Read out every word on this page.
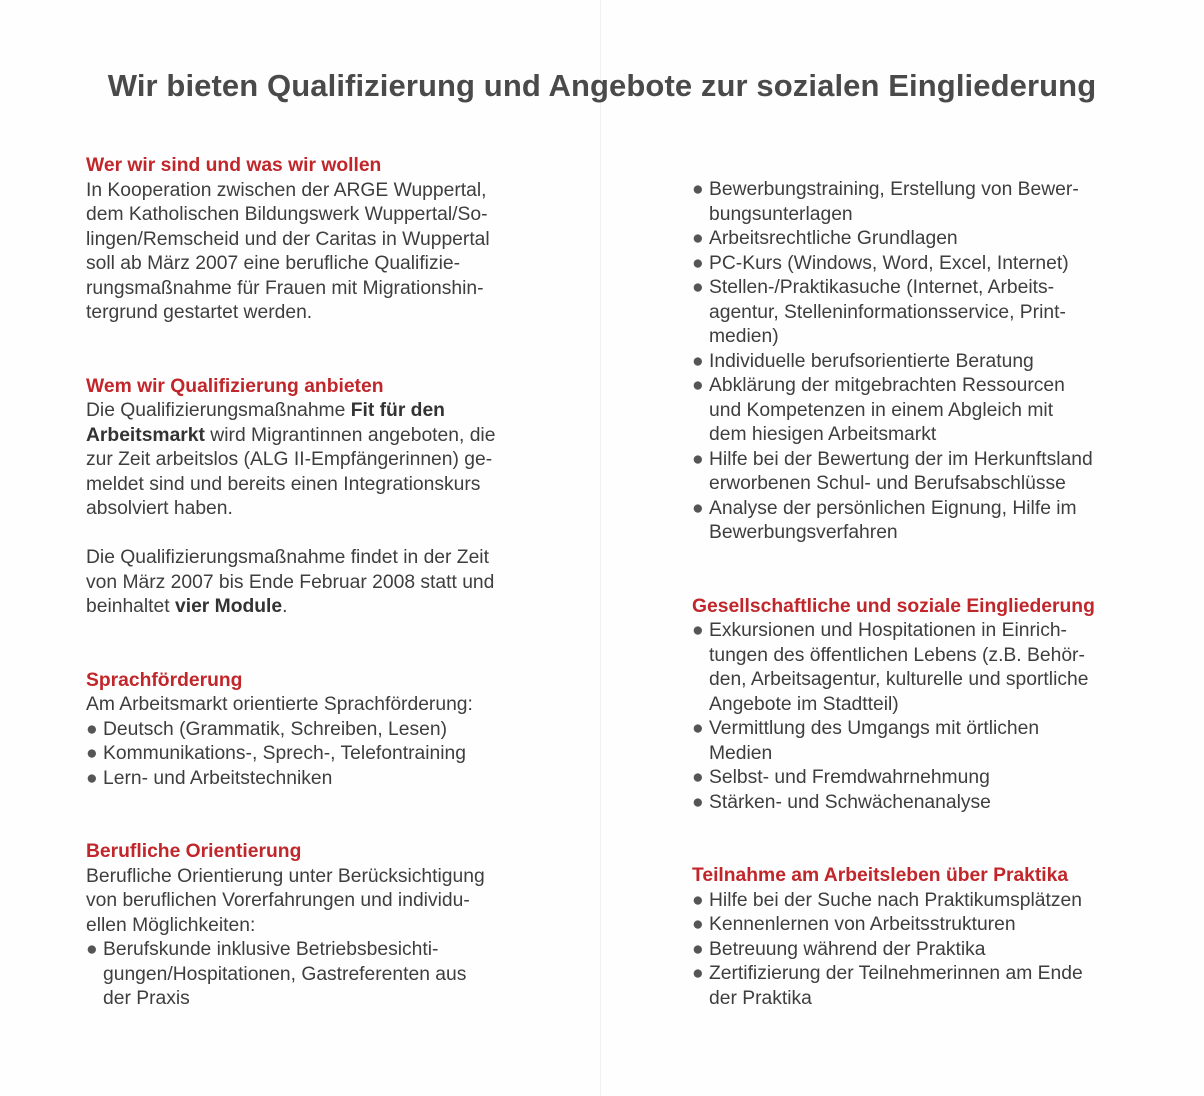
Wir bieten Qualifizierung und Angebote zur sozialen Eingliederung

Wer wir sind und was wir wollen

In Kooperation zwischen der ARGE Wuppertal,

dem Katholischen Bildungswerk Wuppertal/So-

lingen/Remscheid und der Caritas in Wuppertal

soll ab März 2007 eine berufliche Qualifizie-

rungsmaßnahme für Frauen mit Migrationshin-

tergrund gestartet werden.

Wem wir Qualifizierung anbieten

Die Qualifizierungsmaßnahme Fit für den

Arbeitsmarkt wird Migrantinnen angeboten, die

zur Zeit arbeitslos (ALG II-Empfängerinnen) ge-

meldet sind und bereits einen Integrationskurs

absolviert haben.

Die Qualifizierungsmaßnahme findet in der Zeit

von März 2007 bis Ende Februar 2008 statt und

beinhaltet vier Module.

Sprachförderung

Am Arbeitsmarkt orientierte Sprachförderung:

● Deutsch (Grammatik, Schreiben, Lesen)

● Kommunikations-, Sprech-, Telefontraining

● Lern- und Arbeitstechniken

Berufliche Orientierung

Berufliche Orientierung unter Berücksichtigung

von beruflichen Vorerfahrungen und individu-

ellen Möglichkeiten:

● Berufskunde inklusive Betriebsbesichti-

gungen/Hospitationen, Gastreferenten aus

der Praxis

● Bewerbungstraining, Erstellung von Bewer-

bungsunterlagen

● Arbeitsrechtliche Grundlagen

● PC-Kurs (Windows, Word, Excel, Internet)

● Stellen-/Praktikasuche (Internet, Arbeits-

agentur, Stelleninformationsservice, Print-

medien)

● Individuelle berufsorientierte Beratung

● Abklärung der mitgebrachten Ressourcen

und Kompetenzen in einem Abgleich mit

dem hiesigen Arbeitsmarkt

● Hilfe bei der Bewertung der im Herkunftsland

erworbenen Schul- und Berufsabschlüsse

● Analyse der persönlichen Eignung, Hilfe im

Bewerbungsverfahren

Gesellschaftliche und soziale Eingliederung

● Exkursionen und Hospitationen in Einrich-

tungen des öffentlichen Lebens (z.B. Behör-

den, Arbeitsagentur, kulturelle und sportliche

Angebote im Stadtteil)

● Vermittlung des Umgangs mit örtlichen

Medien

● Selbst- und Fremdwahrnehmung

● Stärken- und Schwächenanalyse

Teilnahme am Arbeitsleben über Praktika

● Hilfe bei der Suche nach Praktikumsplätzen

● Kennenlernen von Arbeitsstrukturen

● Betreuung während der Praktika

● Zertifizierung der Teilnehmerinnen am Ende

der Praktika
